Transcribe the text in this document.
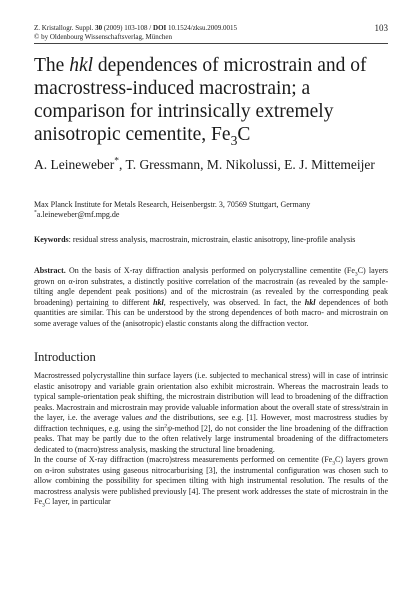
Z. Kristallogr. Suppl. 30 (2009) 103-108 / DOI 10.1524/zksu.2009.0015	103
© by Oldenbourg Wissenschaftsverlag, München
The hkl dependences of microstrain and of macrostress-induced macrostrain; a comparison for intrinsically extremely anisotropic cementite, $Fe_3C$
A. Leineweber*, T. Gressmann, M. Nikolussi, E. J. Mittemeijer
Max Planck Institute for Metals Research, Heisenbergstr. 3, 70569 Stuttgart, Germany
*a.leineweber@mf.mpg.de
Keywords: residual stress analysis, macrostrain, microstrain, elastic anisotropy, line-profile analysis
Abstract. On the basis of X-ray diffraction analysis performed on polycrystalline cementite $(Fe_3C)$ layers grown on α-iron substrates, a distinctly positive correlation of the macrostrain (as revealed by the sample-tilting angle dependent peak positions) and of the microstrain (as revealed by the corresponding peak broadening) pertaining to different hkl, respectively, was observed. In fact, the hkl dependences of both quantities are similar. This can be understood by the strong dependences of both macro- and microstrain on some average values of the (anisotropic) elastic constants along the diffraction vector.
Introduction

Macrostressed polycrystalline thin surface layers (i.e. subjected to mechanical stress) will in case of intrinsic elastic anisotropy and variable grain orientation also exhibit microstrain. Whereas the macrostrain leads to typical sample-orientation peak shifting, the microstrain distribution will lead to broadening of the diffraction peaks. Macrostrain and microstrain may provide valuable information about the overall state of stress/strain in the layer, i.e. the average values and the distributions, see e.g. [1]. However, most macrostress studies by diffraction techniques, e.g. using the $\sin^2\psi$-method [2], do not consider the line broadening of the diffraction peaks. That may be partly due to the often relatively large instrumental broadening of the diffractometers dedicated to (macro)stress analysis, masking the structural line broadening.

In the course of X-ray diffraction (macro)stress measurements performed on cementite $(Fe_3C)$ layers grown on α-iron substrates using gaseous nitrocarburising [3], the instrumental configuration was chosen such to allow combining the possibility for specimen tilting with high instrumental resolution. The results of the macrostress analysis were published previously [4]. The present work addresses the state of microstrain in the $Fe_3C$ layer, in particular
